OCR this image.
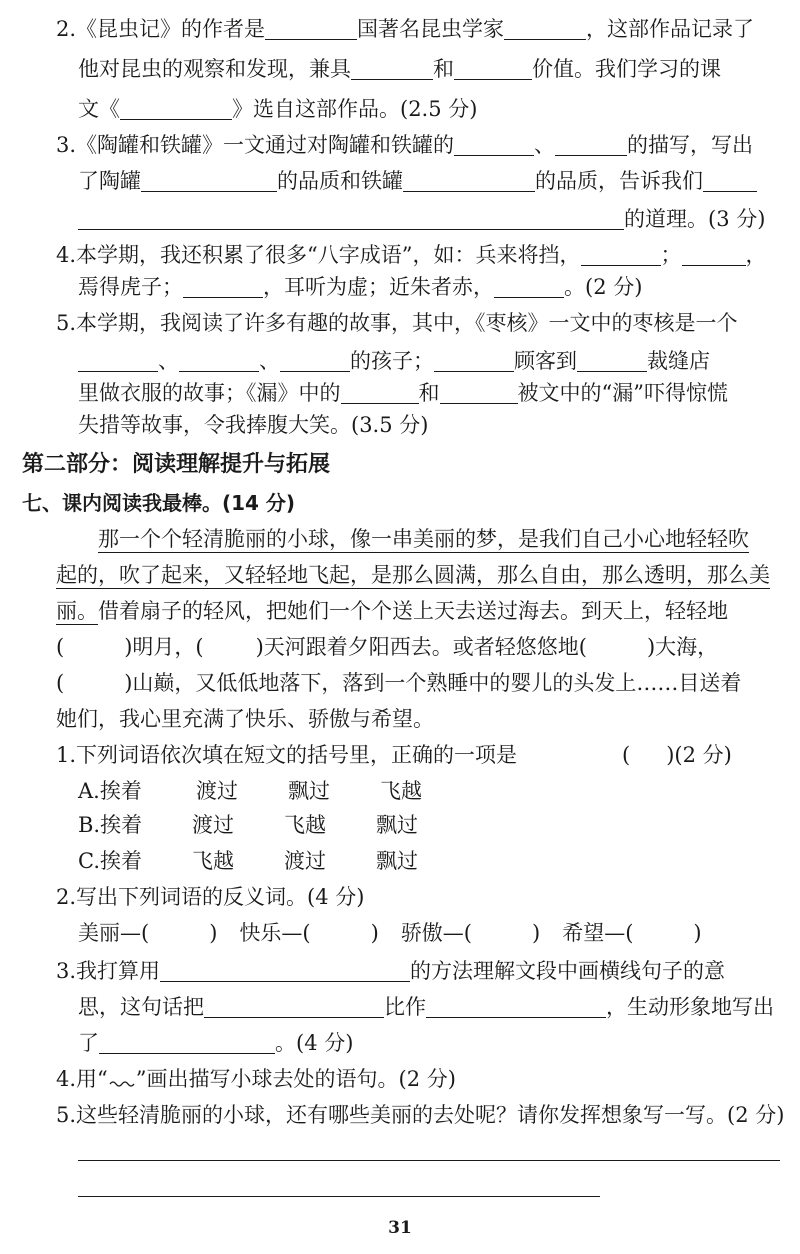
2.《昆虫记》的作者是	国著名昆虫学家	，这部作品记录了
他对昆虫的观察和发现，兼具	和	价值。我们学习的课
文《	》选自这部作品。(2.5 分)
3.《陶罐和铁罐》一文通过对陶罐和铁罐的	、	的描写，写出
了陶罐	的品质和铁罐	的品质，告诉我们
的道理。(3 分)
4.本学期，我还积累了很多“八字成语”，如：兵来将挡，	；	，
焉得虎子；	，耳听为虚；近朱者赤，	。(2 分)
5.本学期，我阅读了许多有趣的故事，其中，《枣核》一文中的枣核是一个
、	、	的孩子；	顾客到	裁缝店
里做衣服的故事；《漏》中的	和	被文中的“漏”吓得惊慌
失措等故事，令我捧腹大笑。(3.5 分)
第二部分：阅读理解提升与拓展
七、课内阅读我最棒。(14 分)
那一个个轻清脆丽的小球，像一串美丽的梦，是我们自己小心地轻轻吹
起的，吹了起来，又轻轻地飞起，是那么圆满，那么自由，那么透明，那么美
丽。借着扇子的轻风，把她们一个个送上天去送过海去。到天上，轻轻地
(	)明月，( )天河跟着夕阳西去。或者轻悠悠地(	)大海，
(	)山巅，又低低地落下，落到一个熟睡中的婴儿的头发上……目送着
她们，我心里充满了快乐、骄傲与希望。
1.下列词语依次填在短文的括号里，正确的一项是	( )(2 分)
A.挨着	渡过 飘过 飞越
B.挨着 渡过 飞越 飘过
C.挨着 飞越 渡过 飘过
2.写出下列词语的反义词。(4 分)
美丽—(	) 快乐—(	) 骄傲—(	) 希望—(	)
3.我打算用	的方法理解文段中画横线句子的意
思，这句话把	比作	，生动形象地写出
了	。(4 分)
4.用“ ”画出描写小球去处的语句。(2 分)
5.这些轻清脆丽的小球，还有哪些美丽的去处呢？请你发挥想象写一写。(2 分)
31
